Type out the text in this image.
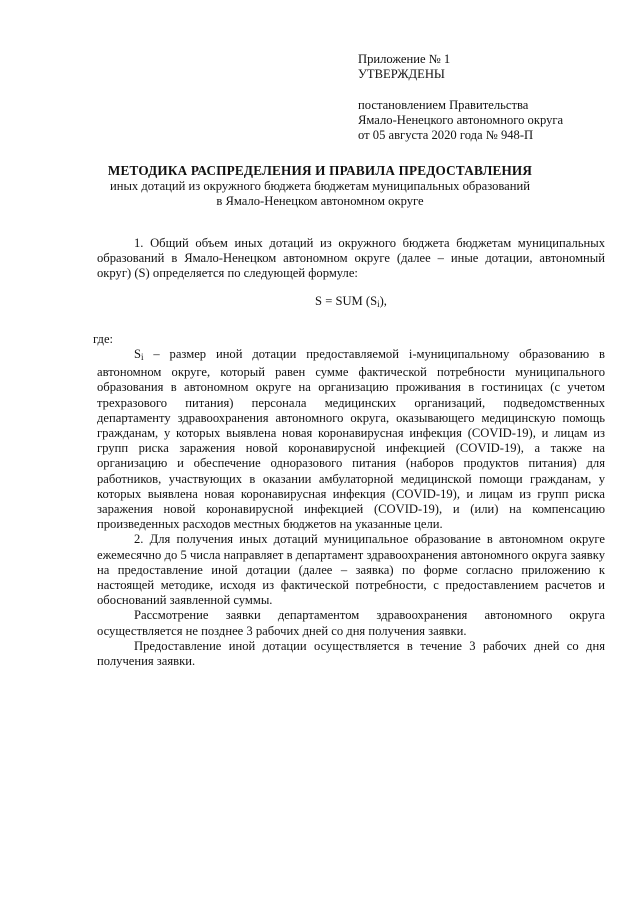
Приложение № 1
УТВЕРЖДЕНЫ
постановлением Правительства
Ямало-Ненецкого автономного округа
от 05 августа 2020 года № 948-П
МЕТОДИКА РАСПРЕДЕЛЕНИЯ И ПРАВИЛА ПРЕДОСТАВЛЕНИЯ
иных дотаций из окружного бюджета бюджетам муниципальных образований
в Ямало-Ненецком автономном округе

1. Общий объем иных дотаций из окружного бюджета бюджетам муниципальных образований в Ямало-Ненецком автономном округе (далее – иные дотации, автономный округ) (S) определяется по следующей формуле:

S = SUM (Si),
где:

Si – размер иной дотации предоставляемой i-муниципальному образованию в автономном округе, который равен сумме фактической потребности муниципального образования в автономном округе на организацию проживания в гостиницах (с учетом трехразового питания) персонала медицинских организаций, подведомственных департаменту здравоохранения автономного округа, оказывающего медицинскую помощь гражданам, у которых выявлена новая коронавирусная инфекция (COVID-19), и лицам из групп риска заражения новой коронавирусной инфекцией (COVID-19), а также на организацию и обеспечение одноразового питания (наборов продуктов питания) для работников, участвующих в оказании амбулаторной медицинской помощи гражданам, у которых выявлена новая коронавирусная инфекция (COVID-19), и лицам из групп риска заражения новой коронавирусной инфекцией (COVID-19), и (или) на компенсацию произведенных расходов местных бюджетов на указанные цели.

2. Для получения иных дотаций муниципальное образование в автономном округе ежемесячно до 5 числа направляет в департамент здравоохранения автономного округа заявку на предоставление иной дотации (далее – заявка) по форме согласно приложению к настоящей методике, исходя из фактической потребности, с предоставлением расчетов и обоснований заявленной суммы.

Рассмотрение заявки департаментом здравоохранения автономного округа осуществляется не позднее 3 рабочих дней со дня получения заявки.

Предоставление иной дотации осуществляется в течение 3 рабочих дней со дня получения заявки.
